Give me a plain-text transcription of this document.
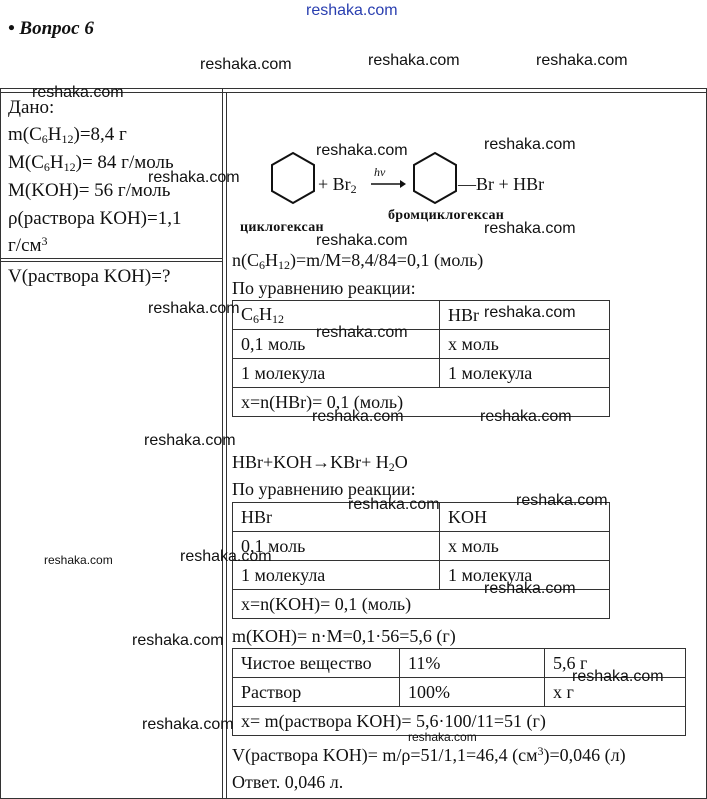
• Вопрос 6
Дано:
$m(C_6H_{12})=8,4$ г
$M(C_6H_{12})= 84$ г/моль
M(KOH)= 56 г/моль
ρ(раствора KOH)=1,1
$г/см^3$
V(раствора KOH)=?
+ $Br_2$
hv
—Br + HBr
циклогексан
бромциклогексан
$n(C_6H_{12})=m/M=8,4/84=0,1$ (моль)
По уравнению реакции:
$C_6H_{12}$	HBr
0,1 моль	x моль
1 молекула	1 молекула
x=n(HBr)= 0,1 (моль)	
$HBr+KOH\to KBr+ H_2O$
По уравнению реакции:
HBr	KOH
0,1 моль	x моль
1 молекула	1 молекула
x=n(KOH)= 0,1 (моль)	
m(KOH)= n·M=0,1·56=5,6 (г)
Чистое вещество	11%	5,6 г
Раствор	100%	x г
x= m(раствора KOH)= 5,6·100/11=51 (г)		
V(раствора KOH)= m/ρ=51/1,1=46,4 $(см^3)=0,046$ (л)
Ответ. 0,046 л.
reshaka.com
reshaka.com	reshaka.com	reshaka.com
reshaka.com
reshaka.com	reshaka.com
reshaka.com
reshaka.com
reshaka.com
reshaka.com	reshaka.com
reshaka.com
reshaka.com	reshaka.com
reshaka.com
reshaka.com
reshaka.com
reshaka.com	reshaka.com
reshaka.com
reshaka.com
reshaka.com
reshaka.com
reshaka.com
